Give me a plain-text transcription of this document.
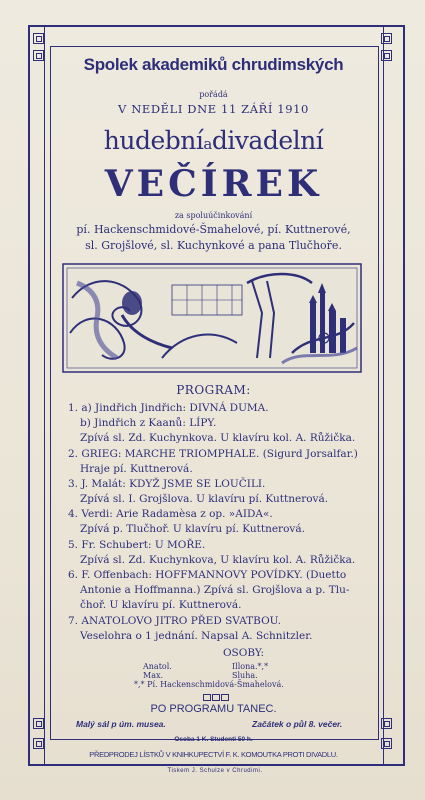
Spolek akademiků chrudimských
pořádá
V NEDĚLI DNE 11 ZÁŘÍ 1910
hudebníadivadelní
VEČÍREK
za spoluúčinkování
pí. Hackenschmidové-Šmahelové, pí. Kuttnerové,
sl. Grojšlové, sl. Kuchynkové a pana Tlučhoře.
PROGRAM:
1. a) Jindřich Jindřich: DIVNÁ DUMA.
b) Jindřich z Kaanů: LÍPY.
Zpívá sl. Zd. Kuchynkova. U klavíru kol. A. Růžička.
2. GRIEG: MARCHE TRIOMPHALE. (Sigurd Jorsalfar.)
Hraje pí. Kuttnerová.
3. J. Malát: KDYŽ JSME SE LOUČILI.
Zpívá sl. I. Grojšlova. U klavíru pí. Kuttnerová.
4. Verdi: Arie Radamèsa z op. »AIDA«.
Zpívá p. Tlučhoř. U klavíru pí. Kuttnerová.
5. Fr. Schubert: U MOŘE.
Zpívá sl. Zd. Kuchynkova, U klavíru kol. A. Růžička.
6. F. Offenbach: HOFFMANNOVY POVÍDKY. (Duetto
Antonie a Hoffmanna.) Zpívá sl. Grojšlova a p. Tlu-
čhoř. U klavíru pí. Kuttnerová.
7. ANATOLOVO JITRO PŘED SVATBOU.
Veselohra o 1 jednání. Napsal A. Schnitzler.
OSOBY:
Anatol.
Max.
Illona.*,*
Sluha.
*,* Pí. Hackenschmidová-Šmahelová.
PO PROGRAMU TANEC.
Malý sál p úm. musea.	Začátek o půl 8. večer.
Osoba 1 K. Studenti 50 h.
PŘEDPRODEJ LÍSTKŮ V KNIHKUPECTVÍ F. K. KOMOUTKA PROTI DIVADLU.
Tiskem J. Schulze v Chrudimi.
